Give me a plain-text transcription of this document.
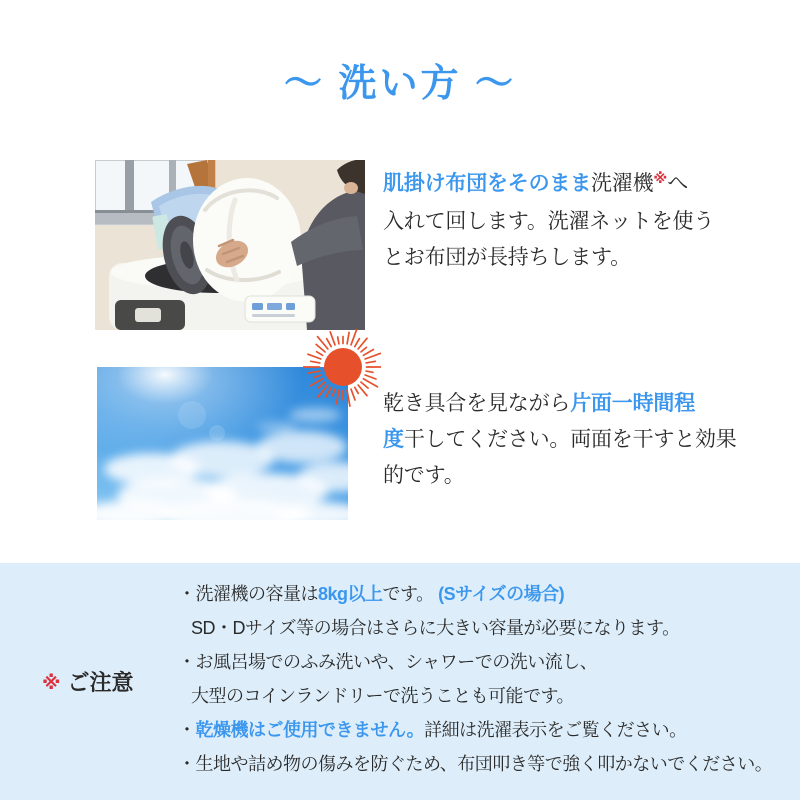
〜 洗い方 〜
肌掛け布団をそのまま洗濯機※へ
入れて回します。洗濯ネットを使う
とお布団が長持ちします。
乾き具合を見ながら片面一時間程
度干してください。両面を干すと効果
的です。
※ ご注意
・洗濯機の容量は8kg以上です。 (Sサイズの場合)
SD・Dサイズ等の場合はさらに大きい容量が必要になります。
・お風呂場でのふみ洗いや、シャワーでの洗い流し、
大型のコインランドリーで洗うことも可能です。
・乾燥機はご使用できません。詳細は洗濯表示をご覧ください。
・生地や詰め物の傷みを防ぐため、布団叩き等で強く叩かないでください。
